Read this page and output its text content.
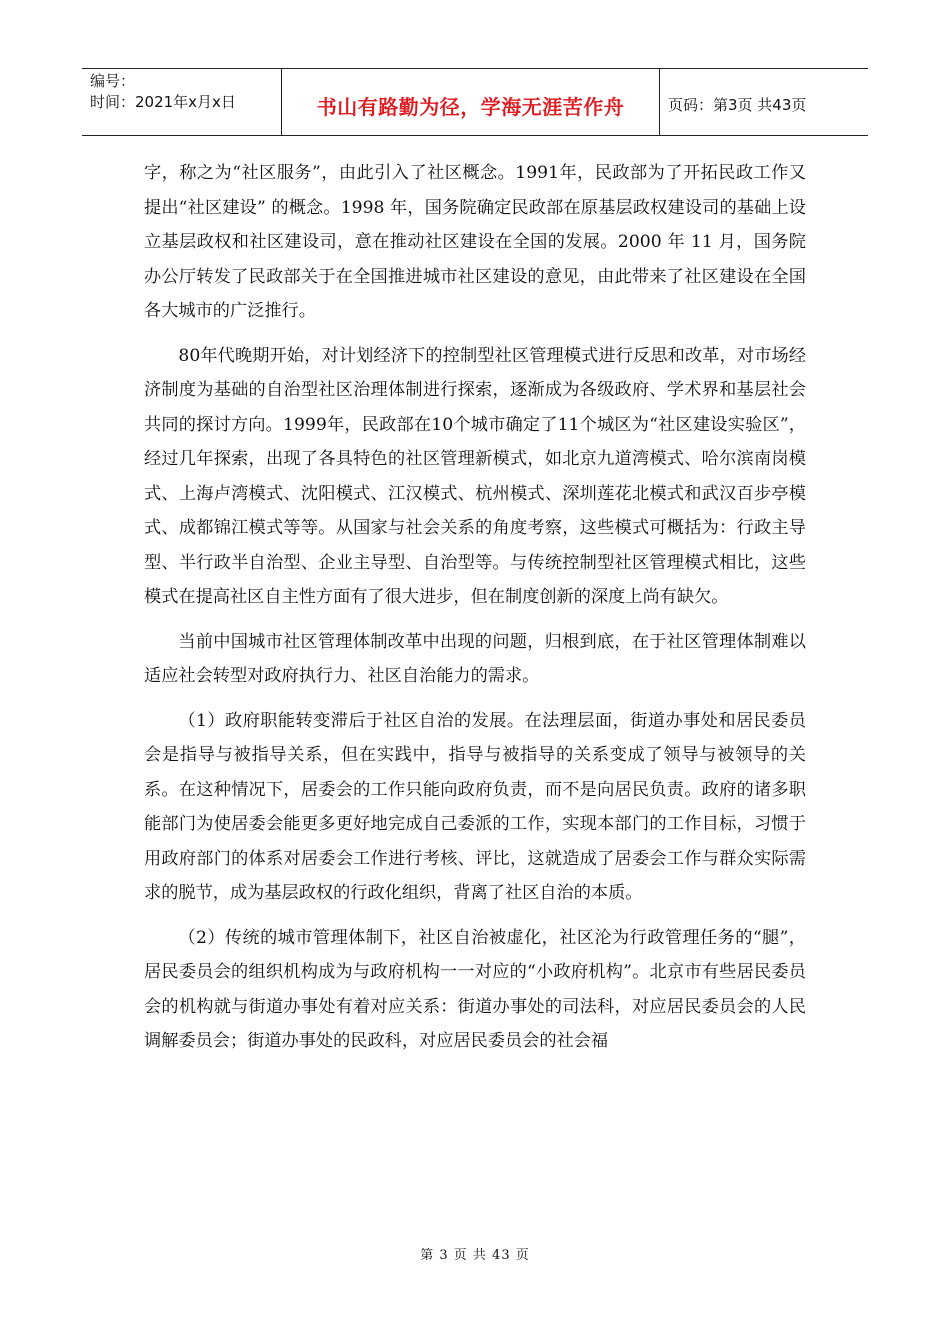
编号：
时间：2021年x月x日	书山有路勤为径，学海无涯苦作舟	页码：第3页 共43页

字，称之为“社区服务”，由此引入了社区概念。1991年，民政部为了开拓民政工作又提出“社区建设” 的概念。1998 年，国务院确定民政部在原基层政权建设司的基础上设立基层政权和社区建设司，意在推动社区建设在全国的发展。2000 年 11 月，国务院办公厅转发了民政部关于在全国推进城市社区建设的意见，由此带来了社区建设在全国各大城市的广泛推行。

80年代晚期开始，对计划经济下的控制型社区管理模式进行反思和改革，对市场经济制度为基础的自治型社区治理体制进行探索，逐渐成为各级政府、学术界和基层社会共同的探讨方向。1999年，民政部在10个城市确定了11个城区为“社区建设实验区”，经过几年探索，出现了各具特色的社区管理新模式，如北京九道湾模式、哈尔滨南岗模式、上海卢湾模式、沈阳模式、江汉模式、杭州模式、深圳莲花北模式和武汉百步亭模式、成都锦江模式等等。从国家与社会关系的角度考察，这些模式可概括为：行政主导型、半行政半自治型、企业主导型、自治型等。与传统控制型社区管理模式相比，这些模式在提高社区自主性方面有了很大进步，但在制度创新的深度上尚有缺欠。

当前中国城市社区管理体制改革中出现的问题，归根到底，在于社区管理体制难以适应社会转型对政府执行力、社区自治能力的需求。

（1）政府职能转变滞后于社区自治的发展。在法理层面，街道办事处和居民委员会是指导与被指导关系，但在实践中，指导与被指导的关系变成了领导与被领导的关系。在这种情况下，居委会的工作只能向政府负责，而不是向居民负责。政府的诸多职能部门为使居委会能更多更好地完成自己委派的工作，实现本部门的工作目标，习惯于用政府部门的体系对居委会工作进行考核、评比，这就造成了居委会工作与群众实际需求的脱节，成为基层政权的行政化组织，背离了社区自治的本质。

（2）传统的城市管理体制下，社区自治被虚化，社区沦为行政管理任务的“腿”，居民委员会的组织机构成为与政府机构一一对应的“小政府机构”。北京市有些居民委员会的机构就与街道办事处有着对应关系：街道办事处的司法科，对应居民委员会的人民调解委员会；街道办事处的民政科，对应居民委员会的社会福

第 3 页 共 43 页
